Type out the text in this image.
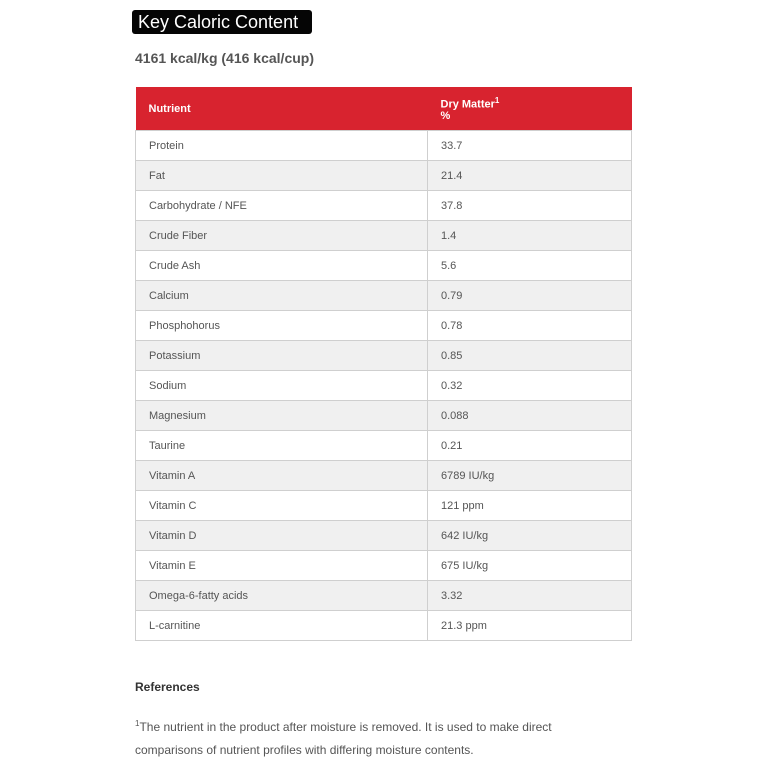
Key Caloric Content
4161 kcal/kg (416 kcal/cup)
Nutrient	Dry Matter$^1$
%
Protein	33.7
Fat	21.4
Carbohydrate / NFE	37.8
Crude Fiber	1.4
Crude Ash	5.6
Calcium	0.79
Phosphohorus	0.78
Potassium	0.85
Sodium	0.32
Magnesium	0.088
Taurine	0.21
Vitamin A	6789 IU/kg
Vitamin C	121 ppm
Vitamin D	642 IU/kg
Vitamin E	675 IU/kg
Omega-6-fatty acids	3.32
L-carnitine	21.3 ppm
References
$^1$The nutrient in the product after moisture is removed. It is used to make direct comparisons of nutrient profiles with differing moisture contents.
